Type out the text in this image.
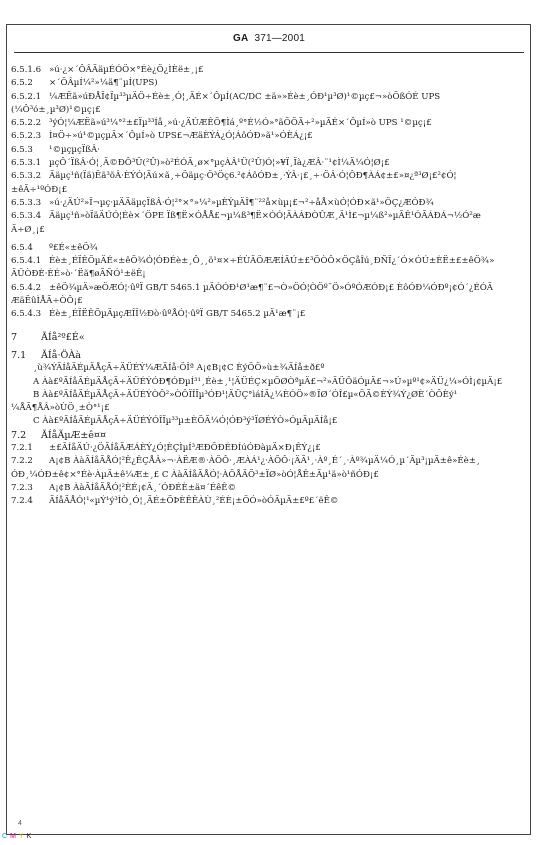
GA 371—2001
6.5.1.6 »ú·¿×´ÔÂÃäµÉÓÖ×°Éè¿Ö¿ÌÈë±¸¡£
6.5.2 ×´ÖÂµÍ¼²»¼ä¶¨µÍ(UPS)
6.5.2.1 ¼ÆËã»úÐÅÏ¢Ïµ³³µÄÖ÷Éè±¸Ó¦¸ÃÉ×´ÔµÍ(AC/DC ±ä»»Éè±¸ÓÐ¹µ³Ø)¹©µç£¬»òÕßÓÉ UPS
(¼Ô³ó±¸µ³Ø)¹©µç¡£
6.5.2.2 ³ýÓ¦¼ÆËã»ú³¼°²±£Ïµ³³Íå¸»ú·¿ÄÚÆÊÕ¶Ìá¸º°É½Ó»°ãÕÕÃ÷²»µÃÉ×´ÔµÍ»ò UPS ¹©µç¡£
6.5.2.3 Ì¤Ö÷»ú¹©µçµÄ×´ÔµÍ»ò UPS£¬ÆäÈÝÁ¿Ó¦ÁôÓÐ»ã¹»ÓÈÁ¿¡£
6.5.3 ¹©µçµçÏßÂ·
6.5.3.1 µçÔ´ÏßÂ·Ó¦¸Ã©ÐÔ³Ü(²Û)»ò²ÉÓÃ¸ø×°µçÀÂ¹Ü(²Û)Ó¦»¥Ï¸Ïà¿ÆÂ·¨¹¢Ì¼Ä¼Ó¦Ø¡£
6.5.3.2 Ãäµç¹ñ(Ïä)Ëã³õÂ·ÈÝÓ¦Ãú×ã¸÷Öäµç·Ö³Öç6.²¢ÁôÓÐ±¸·ÝÂ·¡£¸÷·ÖÂ·Ó¦ÔÐ¶ÀÁ¢±£»¤¿ª³Ø¡£²¢Ó¦
±êÃ÷¹ºÓÐ¡£
6.5.3.3 »ú·¿ÄÚ²»Ï¬µç·µÄÃäµçÏßÂ·Ó¦²°×°»¼²»µÈÝµÄÎ¶¨²²å×ùµ¡£¬²÷åÅ×ùÓ¦ÓÐ×ã¹»ÖÇ¿ÆÓÐ¾
6.5.3.4 Ãäµç¹ñ»òÏäÄÚÓ¦Éè×´ÖPE Ïß¶Ë×ÓÅÅ£¬µ¼ß³¶Ë×ÓÓ¦ÃÀÁÐÒÛÆ¸Ä¹Ì£¬µ¼ß²»µÃÊ¹ÓÃÁÐÁ¬½Ó²æ
Ã÷Ø¸¡£
6.5.4 º£É«±êÖ¾
6.5.4.1 Éè±¸ÉÏÊÕµÄÉ«±êÖ¾Ó¦ÓÐÉè±¸Ô¸¸ö¹¤×÷ÉÙÄÖÆÆÍÄÚ±£³ÖÒÔ×ÖÇåÎú¸ÐÑÏ¿´Ó×ÓÚ±ÈË±£±êÖ¾»
ÄÜÒÐÈ·ÈÉ»ò·´Ëã¶øÃÑÓ¹±ëÊ¡
6.5.4.2 ±êÖ¾µÄ»æÖÆÓ¦·ûºÏ GB/T 5465.1 µÄÒÓÐ¹Ø¹æ¶¨£¬Ò»ÖÓ¦ÒÖº¯Ö»ÓºÓÆÓÐ¡£ ÈôÓÐ¼ÓÐº¡¢Ó´¿ÉÓÃ
ÆäËûÌÅÃ÷ÒÔ¡£
6.5.4.3 Éè±¸ÉÏËÊÕµÄµçÆÎÏ½Ðò·ûºÅÓ¦·ûºÏ GB/T 5465.2 µÄ¹æ¶¨¡£
7 ÃÍå²º£É«
7.1 ÃÍå·ÖÀà
¸ù¾ÝÃÍåÃÉµÄÅçÃ÷ÄÜÉÝ¼ÆÃÍå·ÖÎª A¡¢B¡¢C ÈýÖÖ»ù±¾ÃÍå±ð£º
A Àà£ºÃÍåÃÉµÄÅçÃ÷ÄÜÉÝÓÐ¶ÓÐµÍ³¹¸Éè±¸¹¦ÄÜÉÇ×µÖØÒªµÄ£¬²»ÄÜÔäÓµÄ£¬»Ú»µº¹¢»ÄÜ¿¼»ÓÌ¡¢µÄ¡£
B Àà£ºÃÍåÃÉµÄÅçÃ÷ÄÜÉÝÒÔ²»ÒÔÏÎÏµ³ÓÐ¹¦ÄÜÇ°ìáÍÃ¿¼ÈÓÖ»®ÏØ´ÓÎ£µ«ÖÃ©ÈÝ¾Ý¿ØÈ´ÒÔÈý¹
¼ÅÃ¶ÅÂ»òÙÖ¸±Ò°¹¡£
C Àà£ºÃÍåÃÉµÄÅçÃ÷ÄÜÉÝÓÎÏµ³³µ±ÈÕÃ¼Ó¦ÓÐ³ý³ÏØÉÝÒ»ÓµÄµÃÍå¡£
7.2 ÃÍåÃµÆ±ê¤¤
7.2.1 ±£ÃÍåÄÚ·¿ÖÃÍåÃÆÁÈÝ¿Ó¦ÈÇÌµÍ³ÆÐÕÐÉÐÍúÓÐàµÄ×Ð¡ÊÝ¿¡£
7.2.2 A¡¢B ÀàÃÍåÃÅÓ¦²Ê¿ÊÇÅÂ»¬·ÀËÆ®·ÀÕÔ·¸ÆÀÁ¹¿·ÀÕÔ·¡ÄÃ¹¸·Àº¸É´¸·Àº¾µÄ¼Ó¸µ´Ãµ³¡µÃ±ê»Éè±¸
ÓÐ¸¼ÓÐ±ê¢×°Éè·ÀµÄ±ê¼Æ±¸£ C ÀàÃÍåÃÅÓ¦·ÀÖÅÄÕ³±ÏØ»òÓ¦ÅÊ±Ãµ¹ä»ò¹ñÓÐ¡£
7.2.3 A¡¢B ÀàÃÍåÃÅÓ¦²ÈÉ¡¢Ã¸´ÓÐÉÈ±ä¤´ÉêÊ©
7.2.4 ÃÍåÃÅÓ¦¹«µÝ¹ý³ÌÒ¸Ó¦¸ÃÉ±ÕÞÈÊÊÀÙ¸²ÉÈ¡±ÕÓ»òÓÃµÄ±£º£´ëÊ©
4
CMYK
